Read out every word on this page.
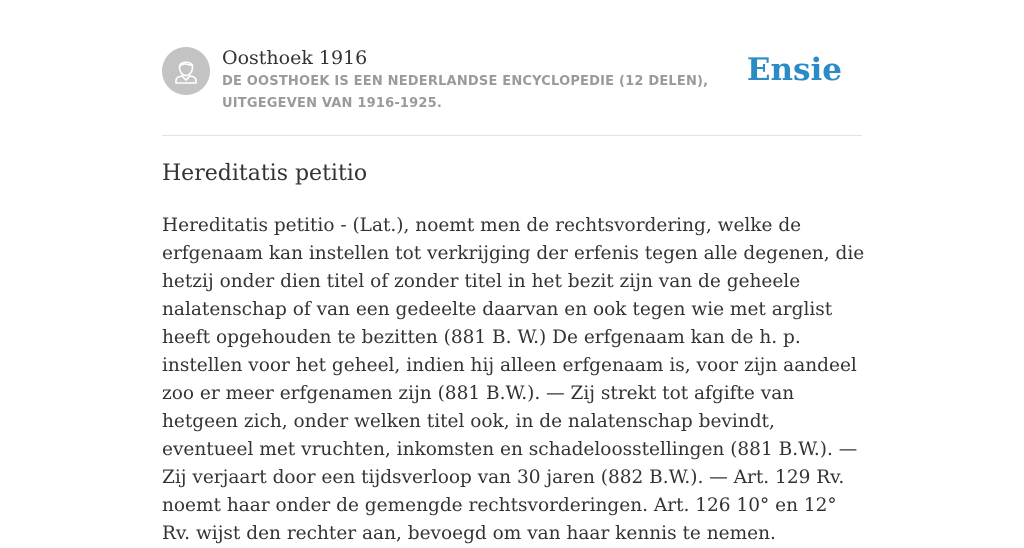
Oosthoek 1916
DE OOSTHOEK IS EEN NEDERLANDSE ENCYCLOPEDIE (12 DELEN), UITGEGEVEN VAN 1916-1925.
Ensie
Hereditatis petitio

Hereditatis petitio - (Lat.), noemt men de rechtsvordering, welke de erfgenaam kan instellen tot verkrijging der erfenis tegen alle degenen, die hetzij onder dien titel of zonder titel in het bezit zijn van de geheele nalatenschap of van een gedeelte daarvan en ook tegen wie met arglist heeft opgehouden te bezitten (881 B. W.) De erfgenaam kan de h. p. instellen voor het geheel, indien hij alleen erfgenaam is, voor zijn aandeel zoo er meer erfgenamen zijn (881 B.W.). — Zij strekt tot afgifte van hetgeen zich, onder welken titel ook, in de nalatenschap bevindt, eventueel met vruchten, inkomsten en schadeloosstellingen (881 B.W.). — Zij verjaart door een tijdsverloop van 30 jaren (882 B.W.). — Art. 129 Rv. noemt haar onder de gemengde rechtsvorderingen. Art. 126 10° en 12° Rv. wijst den rechter aan, bevoegd om van haar kennis te nemen.
